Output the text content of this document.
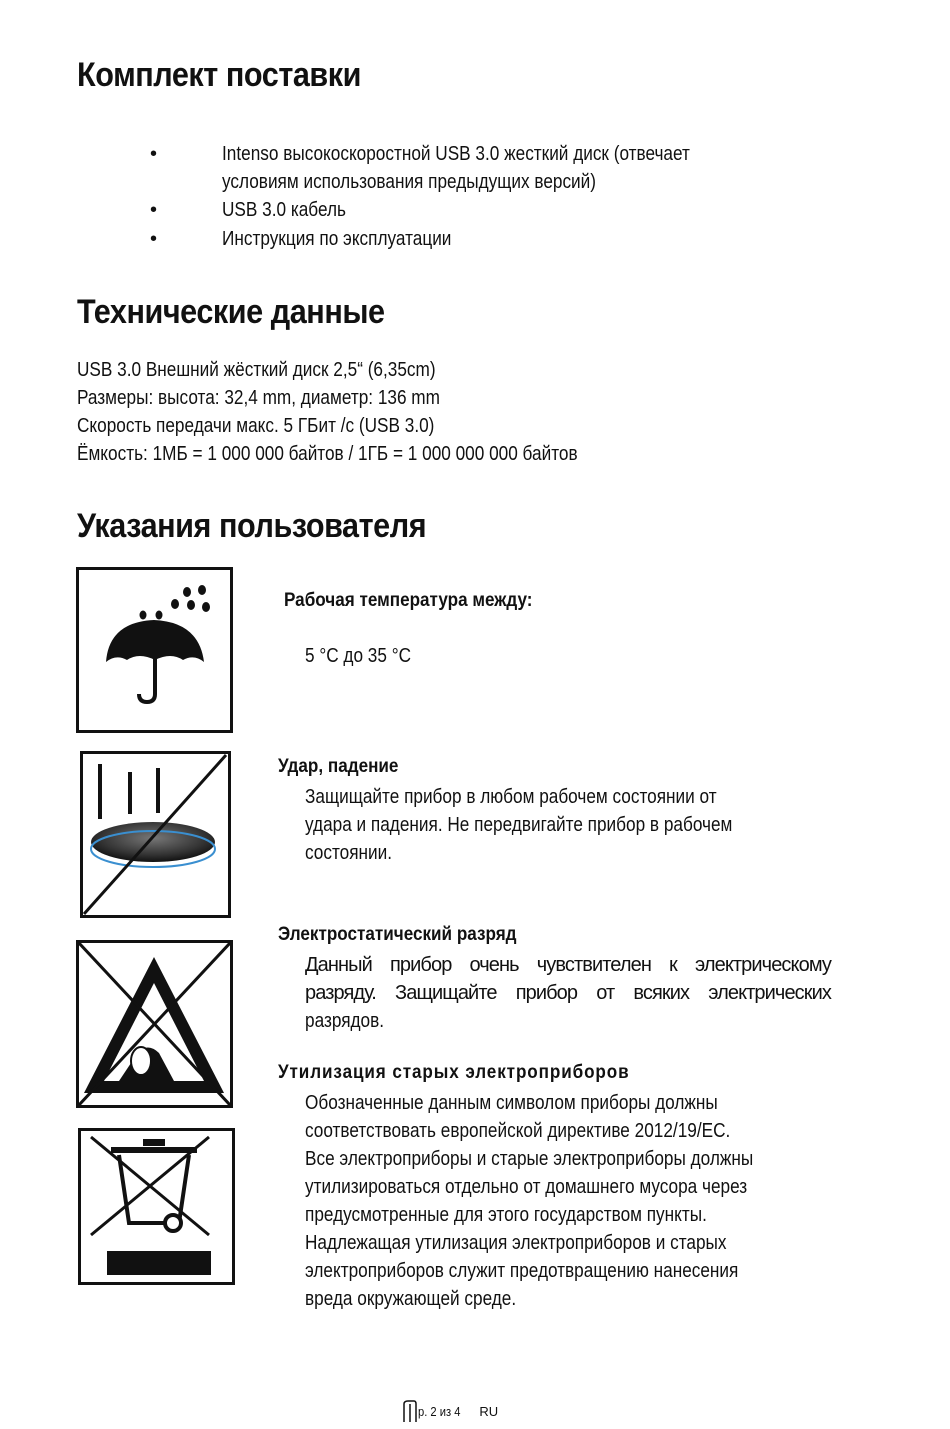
Комплект поставки
•	Intenso высокоскоростной USB 3.0 жесткий диск (отвечает
условиям использования предыдущих версий)
•	USB 3.0 кабель
•	Инструкция по эксплуатации
Технические данные
USB 3.0 Внешний жёсткий диск 2,5“ (6,35cm)
Размеры: высота: 32,4 mm, диаметр: 136 mm
Скорость передачи макс. 5 ГБит /c (USB 3.0)
Ёмкость: 1МБ = 1 000 000 байтов / 1ГБ = 1 000 000 000 байтов
Указания пользователя
Рабочая температура между:
5 °C до 35 °C
Удар, падение
Защищайте прибор в любом рабочем состоянии от
удара и падения. Не передвигайте прибор в рабочем
состоянии.
Электростатический разряд
Данный прибор очень чувствителен к электрическому
разряду. Защищайте прибор от всяких электрических
разрядов.
Утилизация старых электроприборов
Обозначенные данным символом приборы должны
соответствовать европейской директиве 2012/19/EC.
Все электроприборы и старые электроприборы должны
утилизироваться отдельно от домашнего мусора через
предусмотренные для этого государством пункты.
Надлежащая утилизация электроприборов и старых
электроприборов служит предотвращению нанесения
вреда окружающей среде.
р. 2 из 4 RU
